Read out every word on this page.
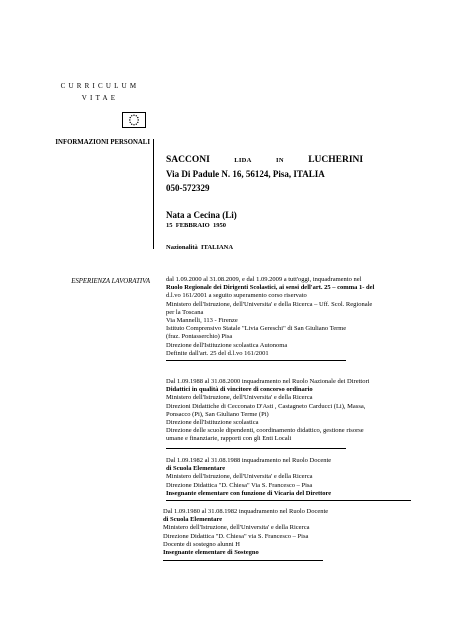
CURRICULUM
VITAE
INFORMAZIONI PERSONALI
SACCONI	LIDA	IN	LUCHERINI
Via Di Padule N. 16, 56124, Pisa, ITALIA
050-572329
Nata a Cecina (Li)
15  FEBBRAIO  1950
Nazionalità  ITALIANA
ESPERIENZA LAVORATIVA dal 1.09.2000 al 31.08.2009, e dal 1.09.2009 a tutt'oggi, inquadramento nel
Ruolo Regionale dei Dirigenti Scolastici, ai sensi dell'art. 25 – comma 1- del
d.l.vo 161/2001 a seguito superamento corso riservato
Ministero dell'Istruzione, dell'Universita' e della Ricerca – Uff. Scol. Regionale
per la Toscana
Via Mannelli, 113 - Firenze
Istituto Comprensivo Statale "Livia Gereschi" di San Giuliano Terme
(fraz. Pontasserchio) Pisa
Direzione dell'Istituzione scolastica Autonoma
Definite dall'art. 25 del d.l.vo 161/2001
Dal 1.09.1988 al 31.08.2000 inquadramento nel Ruolo Nazionale dei Direttori
Didattici in qualità di vincitore di concorso ordinario
Ministero dell'Istruzione, dell'Universita' e della Ricerca
Direzioni Didattiche di Cecconato D'Asti , Castagneto Carducci (Li), Massa,
Ponsacco (Pi), San Giuliano Terme (Pi)
Direzione dell'Istituzione scolastica
Direzione delle scuole dipendenti, coordinamento didattico, gestione risorse
umane e finanziarie, rapporti con gli Enti Locali
Dal 1.09.1982 al 31.08.1988 inquadramento nel Ruolo Docente
di Scuola Elementare
Ministero dell'Istruzione, dell'Universita' e della Ricerca
Direzione Didattica "D. Chiesa" Via S. Francesco – Pisa
Insegnante elementare con funzione di Vicaria del Direttore
Dal 1.09.1980 al 31.08.1982 inquadramento nel Ruolo Docente
di Scuola Elementare
Ministero dell'Istruzione, dell'Universita' e della Ricerca
Direzione Didattica "D. Chiesa" via S. Francesco – Pisa
Docente di sostegno alunni H
Insegnante elementare di Sostegno
